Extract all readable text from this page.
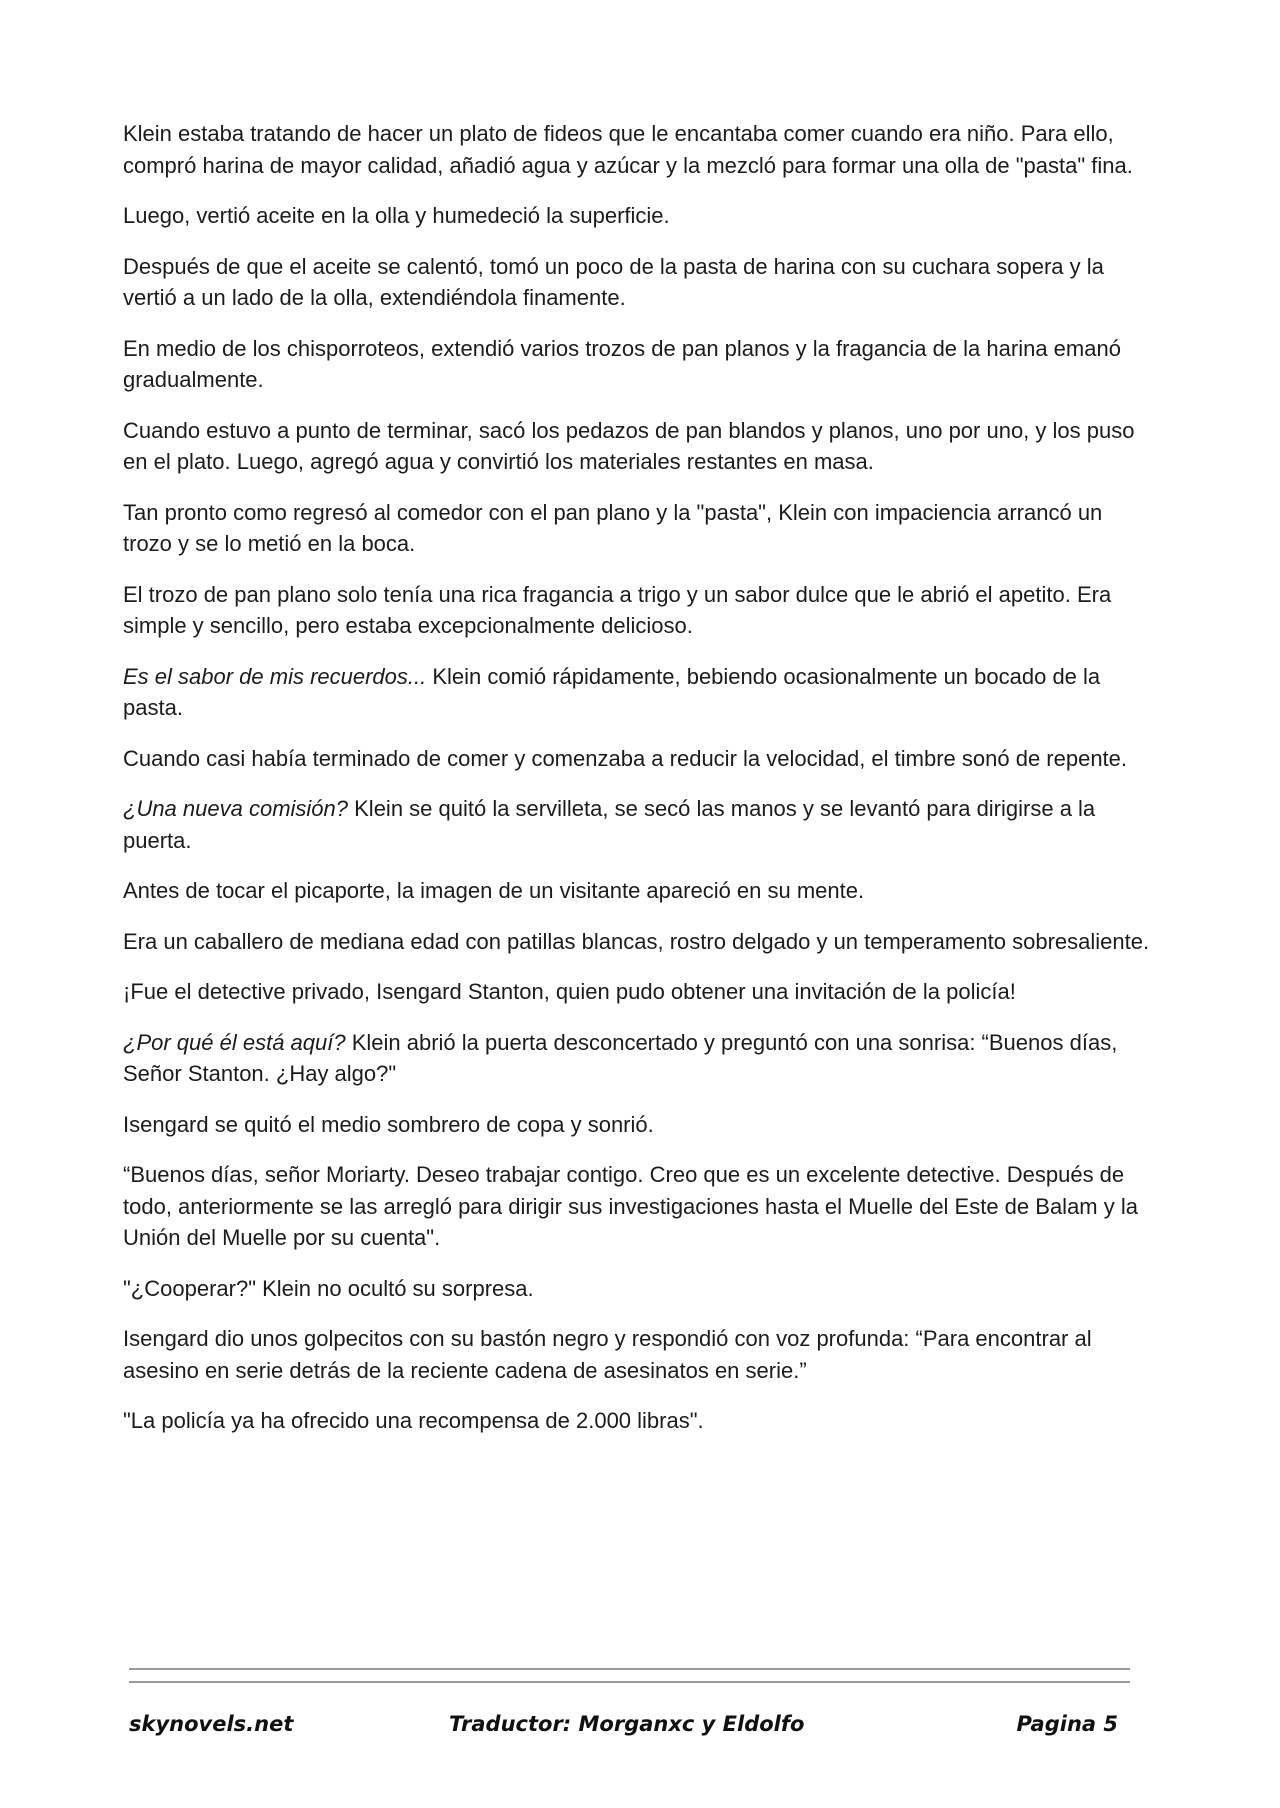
Klein estaba tratando de hacer un plato de fideos que le encantaba comer cuando era niño. Para ello, compró harina de mayor calidad, añadió agua y azúcar y la mezcló para formar una olla de "pasta" fina.

Luego, vertió aceite en la olla y humedeció la superficie.

Después de que el aceite se calentó, tomó un poco de la pasta de harina con su cuchara sopera y la vertió a un lado de la olla, extendiéndola finamente.

En medio de los chisporroteos, extendió varios trozos de pan planos y la fragancia de la harina emanó gradualmente.

Cuando estuvo a punto de terminar, sacó los pedazos de pan blandos y planos, uno por uno, y los puso en el plato. Luego, agregó agua y convirtió los materiales restantes en masa.

Tan pronto como regresó al comedor con el pan plano y la "pasta", Klein con impaciencia arrancó un trozo y se lo metió en la boca.

El trozo de pan plano solo tenía una rica fragancia a trigo y un sabor dulce que le abrió el apetito. Era simple y sencillo, pero estaba excepcionalmente delicioso.

Es el sabor de mis recuerdos... Klein comió rápidamente, bebiendo ocasionalmente un bocado de la pasta.

Cuando casi había terminado de comer y comenzaba a reducir la velocidad, el timbre sonó de repente.

¿Una nueva comisión? Klein se quitó la servilleta, se secó las manos y se levantó para dirigirse a la puerta.

Antes de tocar el picaporte, la imagen de un visitante apareció en su mente.

Era un caballero de mediana edad con patillas blancas, rostro delgado y un temperamento sobresaliente.

¡Fue el detective privado, Isengard Stanton, quien pudo obtener una invitación de la policía!

¿Por qué él está aquí? Klein abrió la puerta desconcertado y preguntó con una sonrisa: “Buenos días, Señor Stanton. ¿Hay algo?"

Isengard se quitó el medio sombrero de copa y sonrió.

“Buenos días, señor Moriarty. Deseo trabajar contigo. Creo que es un excelente detective. Después de todo, anteriormente se las arregló para dirigir sus investigaciones hasta el Muelle del Este de Balam y la Unión del Muelle por su cuenta".

"¿Cooperar?" Klein no ocultó su sorpresa.

Isengard dio unos golpecitos con su bastón negro y respondió con voz profunda: “Para encontrar al asesino en serie detrás de la reciente cadena de asesinatos en serie.”

"La policía ya ha ofrecido una recompensa de 2.000 libras".

skynovels.net	Traductor: Morganxc y Eldolfo	Pagina 5
